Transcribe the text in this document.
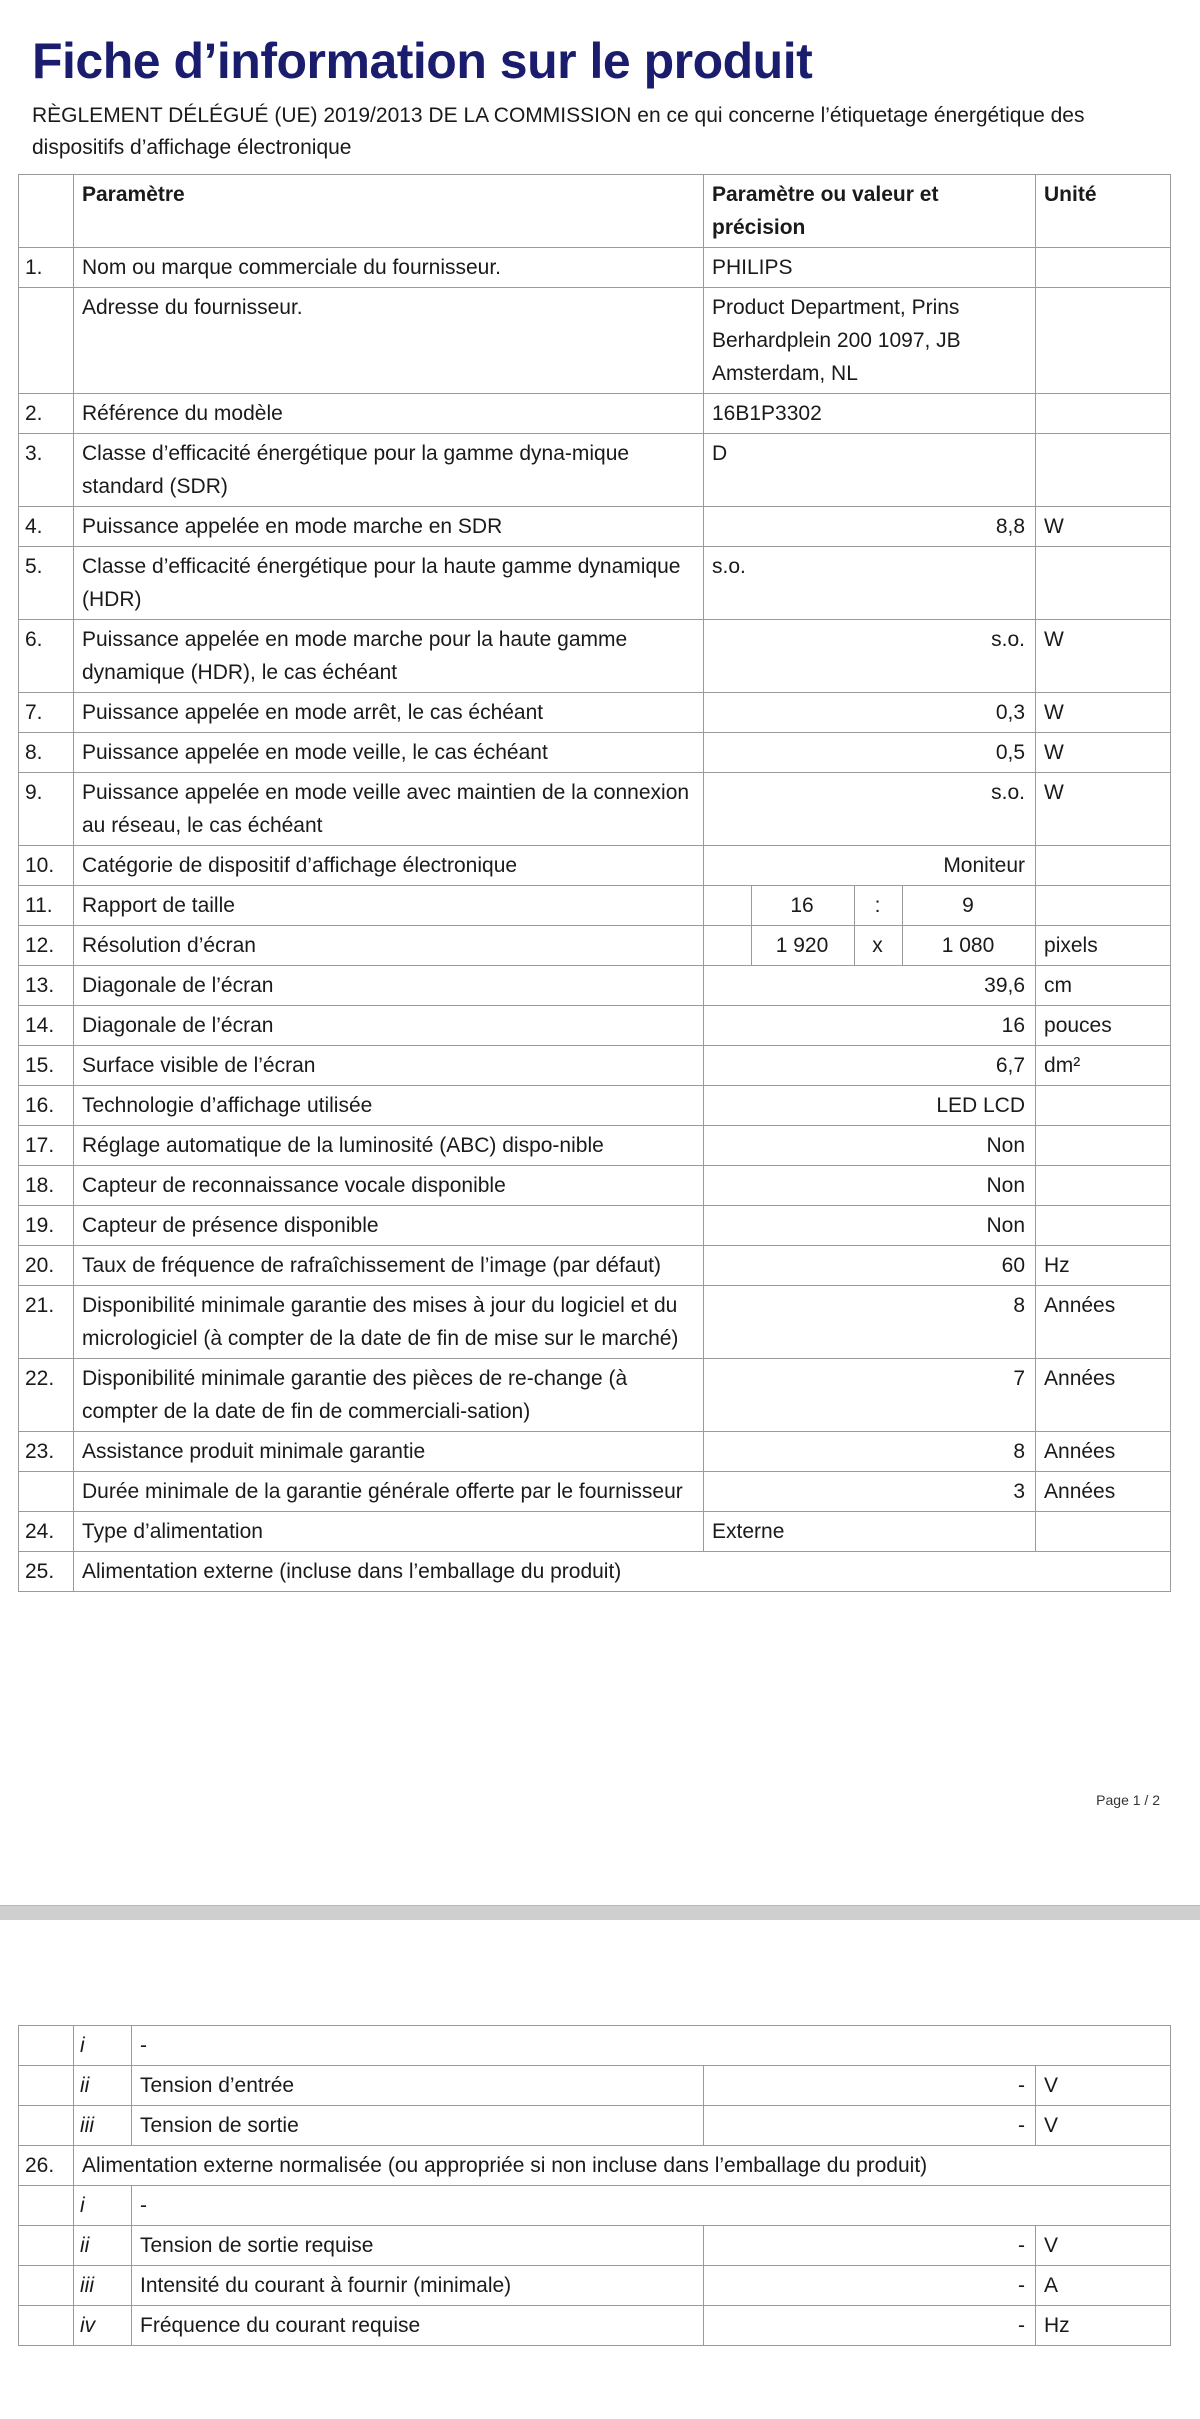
Fiche d’information sur le produit
RÈGLEMENT DÉLÉGUÉ (UE) 2019/2013 DE LA COMMISSION en ce qui concerne l’étiquetage énergétique des dispositifs d’affichage électronique
	Paramètre	Paramètre ou valeur et précision				Unité
1.	Nom ou marque commerciale du fournisseur.	PHILIPS				
	Adresse du fournisseur.	Product Department, Prins Berhardplein 200 1097, JB Amsterdam, NL				
2.	Référence du modèle	16B1P3302				
3.	Classe d’efficacité énergétique pour la gamme dyna-mique standard (SDR)	D				
4.	Puissance appelée en mode marche en SDR	8,8				W
5.	Classe d’efficacité énergétique pour la haute gamme dynamique (HDR)	s.o.				
6.	Puissance appelée en mode marche pour la haute gamme dynamique (HDR), le cas échéant	s.o.				W
7.	Puissance appelée en mode arrêt, le cas échéant	0,3				W
8.	Puissance appelée en mode veille, le cas échéant	0,5				W
9.	Puissance appelée en mode veille avec maintien de la connexion au réseau, le cas échéant	s.o.				W
10.	Catégorie de dispositif d’affichage électronique	Moniteur				
11.	Rapport de taille		16	:	9	
12.	Résolution d’écran		1 920	x	1 080	pixels
13.	Diagonale de l’écran	39,6				cm
14.	Diagonale de l’écran	16				pouces
15.	Surface visible de l’écran	6,7				dm²
16.	Technologie d’affichage utilisée	LED LCD				
17.	Réglage automatique de la luminosité (ABC) dispo-nible	Non				
18.	Capteur de reconnaissance vocale disponible	Non				
19.	Capteur de présence disponible	Non				
20.	Taux de fréquence de rafraîchissement de l’image (par défaut)	60				Hz
21.	Disponibilité minimale garantie des mises à jour du logiciel et du micrologiciel (à compter de la date de fin de mise sur le marché)	8				Années
22.	Disponibilité minimale garantie des pièces de re-change (à compter de la date de fin de commerciali-sation)	7				Années
23.	Assistance produit minimale garantie	8				Années
	Durée minimale de la garantie générale offerte par le fournisseur	3				Années
24.	Type d’alimentation	Externe				
25.	Alimentation externe (incluse dans l’emballage du produit)					
Page 1 / 2
	i	-		
	ii	Tension d’entrée	-	V
	iii	Tension de sortie	-	V
26.	Alimentation externe normalisée (ou appropriée si non incluse dans l’emballage du produit)			
	i	-		
	ii	Tension de sortie requise	-	V
	iii	Intensité du courant à fournir (minimale)	-	A
	iv	Fréquence du courant requise	-	Hz
